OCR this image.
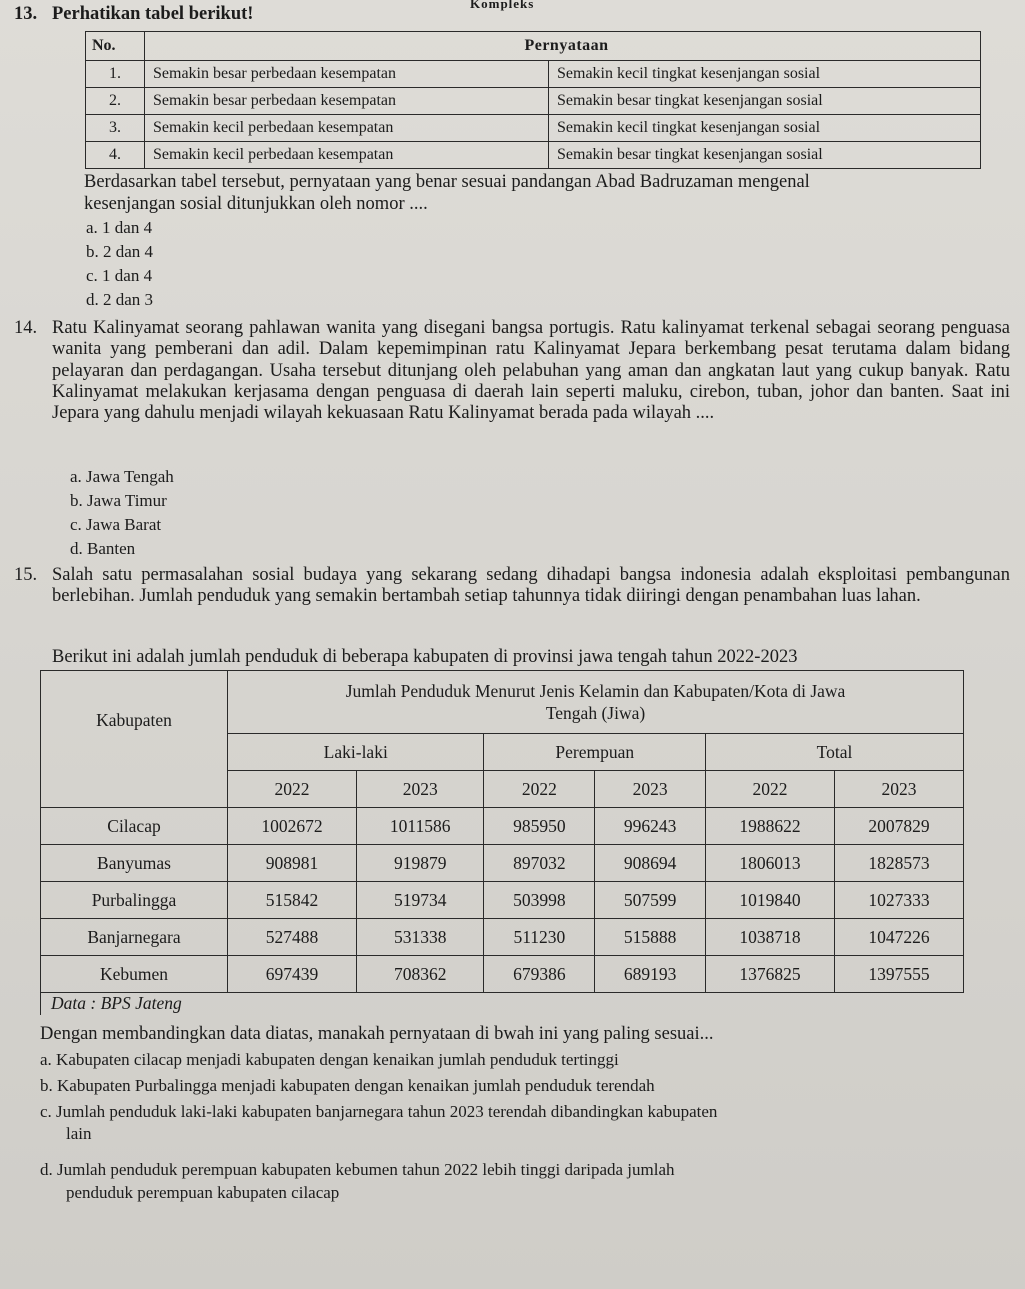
Kompleks
13. Perhatikan tabel berikut!
No.	Pernyataan	
1.	Semakin besar perbedaan kesempatan	Semakin kecil tingkat kesenjangan sosial
2.	Semakin besar perbedaan kesempatan	Semakin besar tingkat kesenjangan sosial
3.	Semakin kecil perbedaan kesempatan	Semakin kecil tingkat kesenjangan sosial
4.	Semakin kecil perbedaan kesempatan	Semakin besar tingkat kesenjangan sosial
Berdasarkan tabel tersebut, pernyataan yang benar sesuai pandangan Abad Badruzaman mengenal
kesenjangan sosial ditunjukkan oleh nomor ....
a. 1 dan 4
b. 2 dan 4
c. 1 dan 4
d. 2 dan 3
14. Ratu Kalinyamat seorang pahlawan wanita yang disegani bangsa portugis. Ratu kalinyamat terkenal sebagai seorang penguasa wanita yang pemberani dan adil. Dalam kepemimpinan ratu Kalinyamat Jepara berkembang pesat terutama dalam bidang pelayaran dan perdagangan. Usaha tersebut ditunjang oleh pelabuhan yang aman dan angkatan laut yang cukup banyak. Ratu Kalinyamat melakukan kerjasama dengan penguasa di daerah lain seperti maluku, cirebon, tuban, johor dan banten. Saat ini Jepara yang dahulu menjadi wilayah kekuasaan Ratu Kalinyamat berada pada wilayah ....
a. Jawa Tengah
b. Jawa Timur
c. Jawa Barat
d. Banten
15. Salah satu permasalahan sosial budaya yang sekarang sedang dihadapi bangsa indonesia adalah eksploitasi pembangunan berlebihan. Jumlah penduduk yang semakin bertambah setiap tahunnya tidak diiringi dengan penambahan luas lahan.
Berikut ini adalah jumlah penduduk di beberapa kabupaten di provinsi jawa tengah tahun 2022-2023
Kabupaten	Jumlah Penduduk Menurut Jenis Kelamin dan Kabupaten/Kota di Jawa
Tengah (Jiwa)					

	Laki-laki		Perempuan		Total	
	2022	2023	2022	2023	2022	2023
Cilacap	1002672	1011586	985950	996243	1988622	2007829
Banyumas	908981	919879	897032	908694	1806013	1828573
Purbalingga	515842	519734	503998	507599	1019840	1027333
Banjarnegara	527488	531338	511230	515888	1038718	1047226
Kebumen	697439	708362	679386	689193	1376825	1397555
Data : BPS Jateng						
Dengan membandingkan data diatas, manakah pernyataan di bwah ini yang paling sesuai...
a. Kabupaten cilacap menjadi kabupaten dengan kenaikan jumlah penduduk tertinggi
b. Kabupaten Purbalingga menjadi kabupaten dengan kenaikan jumlah penduduk terendah
c. Jumlah penduduk laki-laki kabupaten banjarnegara tahun 2023 terendah dibandingkan kabupaten
lain
d. Jumlah penduduk perempuan kabupaten kebumen tahun 2022 lebih tinggi daripada jumlah
penduduk perempuan kabupaten cilacap
